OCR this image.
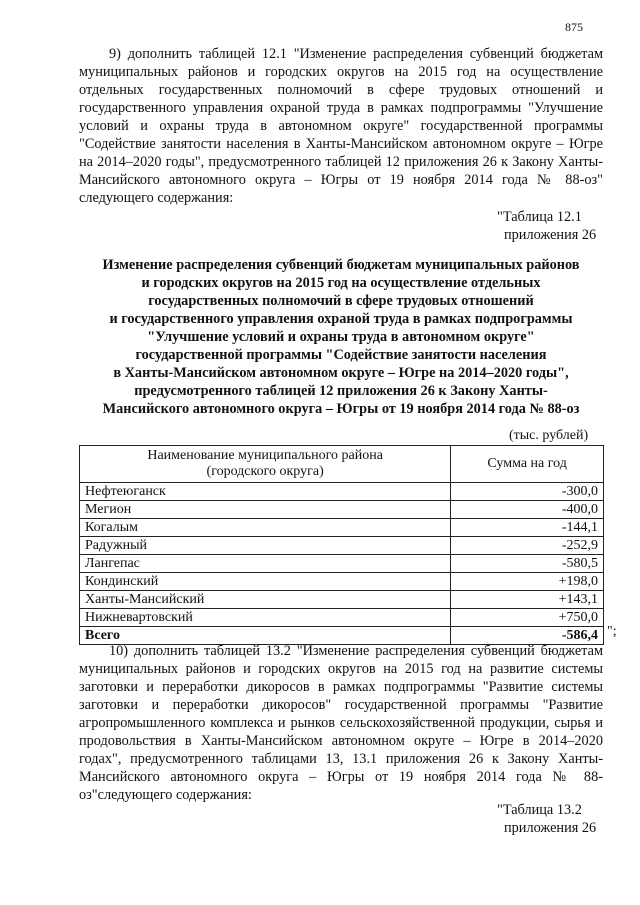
875

9) дополнить таблицей 12.1 "Изменение распределения субвенций бюджетам муниципальных районов и городских округов на 2015 год на осуществление отдельных государственных полномочий в сфере трудовых отношений и государственного управления охраной труда в рамках подпрограммы "Улучшение условий и охраны труда в автономном округе" государственной программы "Содействие занятости населения в Ханты-Мансийском автономном округе – Югре на 2014–2020 годы", предусмотренного таблицей 12 приложения 26 к Закону Ханты-Мансийского автономного округа – Югры от 19 ноября 2014 года № 88-оз" следующего содержания:

"Таблица 12.1
приложения 26
Изменение распределения субвенций бюджетам муниципальных районов
и городских округов на 2015 год на осуществление отдельных
государственных полномочий в сфере трудовых отношений
и государственного управления охраной труда в рамках подпрограммы
"Улучшение условий и охраны труда в автономном округе"
государственной программы "Содействие занятости населения
в Ханты-Мансийском автономном округе – Югре на 2014–2020 годы",
предусмотренного таблицей 12 приложения 26 к Закону Ханты-
Мансийского автономного округа – Югры от 19 ноября 2014 года № 88-оз
(тыс. рублей)
Наименование муниципального района
(городского округа)	Сумма на год
Нефтеюганск	-300,0
Мегион	-400,0
Когалым	-144,1
Радужный	-252,9
Лангепас	-580,5
Кондинский	+198,0
Ханты-Мансийский	+143,1
Нижневартовский	+750,0
Всего	-586,4 ";

10) дополнить таблицей 13.2 "Изменение распределения субвенций бюджетам муниципальных районов и городских округов на 2015 год на развитие системы заготовки и переработки дикоросов в рамках подпрограммы "Развитие системы заготовки и переработки дикоросов" государственной программы "Развитие агропромышленного комплекса и рынков сельскохозяйственной продукции, сырья и продовольствия в Ханты-Мансийском автономном округе – Югре в 2014–2020 годах", предусмотренного таблицами 13, 13.1 приложения 26 к Закону Ханты-Мансийского автономного округа – Югры от 19 ноября 2014 года № 88-оз"следующего содержания:

"Таблица 13.2
приложения 26
